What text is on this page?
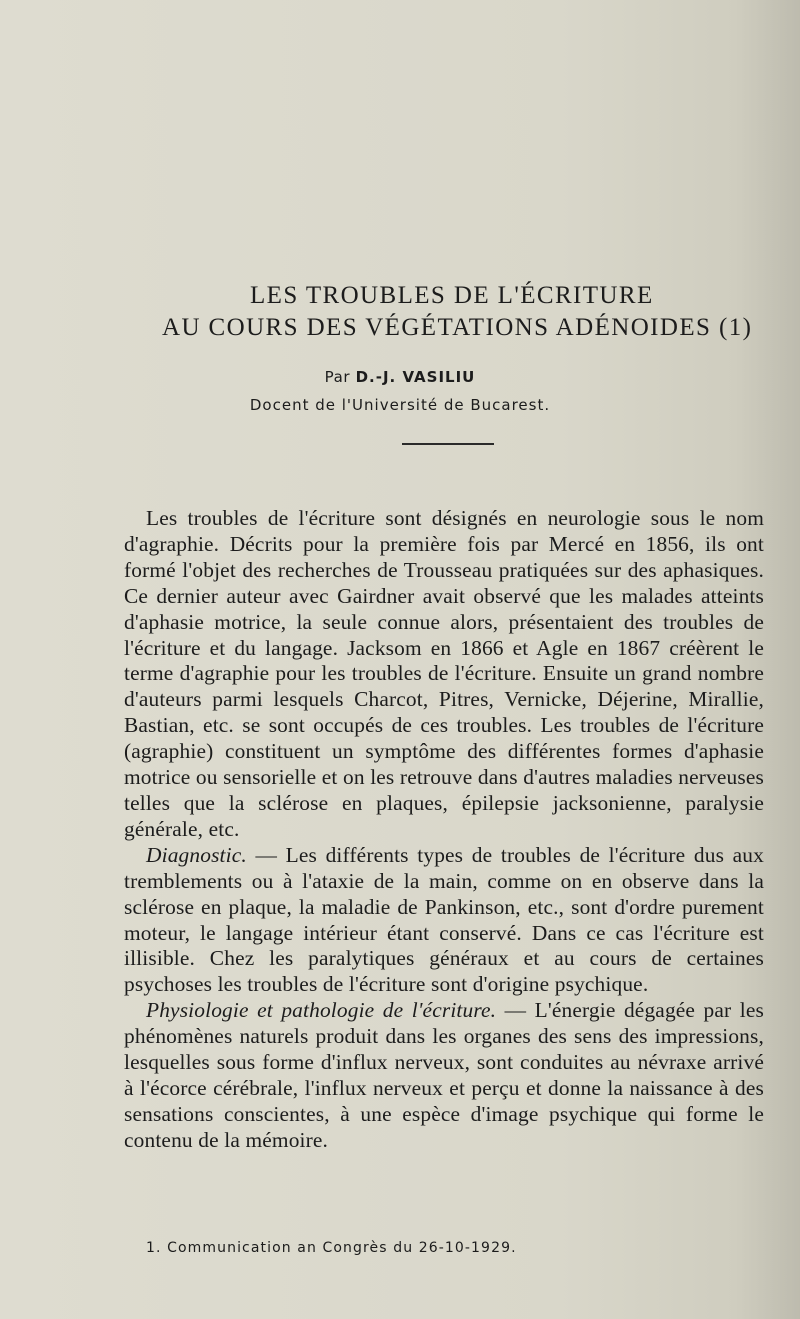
LES TROUBLES DE L'ÉCRITURE
AU COURS DES VÉGÉTATIONS ADÉNOIDES (1)
Par D.-J. VASILIU
Docent de l'Université de Bucarest.

Les troubles de l'écriture sont désignés en neurologie sous le nom d'agraphie. Décrits pour la première fois par Mercé en 1856, ils ont formé l'objet des recherches de Trousseau pratiquées sur des aphasiques. Ce dernier auteur avec Gairdner avait observé que les malades atteints d'aphasie motrice, la seule connue alors, présentaient des troubles de l'écriture et du langage. Jacksom en 1866 et Agle en 1867 créèrent le terme d'agraphie pour les troubles de l'écriture. Ensuite un grand nombre d'auteurs parmi lesquels Charcot, Pitres, Vernicke, Déjerine, Mirallie, Bastian, etc. se sont occupés de ces troubles. Les troubles de l'écriture (agraphie) constituent un symptôme des différentes formes d'aphasie motrice ou sensorielle et on les retrouve dans d'autres maladies nerveuses telles que la sclérose en plaques, épilepsie jacksonienne, paralysie générale, etc.

Diagnostic. — Les différents types de troubles de l'écriture dus aux tremblements ou à l'ataxie de la main, comme on en observe dans la sclérose en plaque, la maladie de Pankinson, etc., sont d'ordre purement moteur, le langage intérieur étant conservé. Dans ce cas l'écriture est illisible. Chez les paralytiques généraux et au cours de certaines psychoses les troubles de l'écriture sont d'origine psychique.

Physiologie et pathologie de l'écriture. — L'énergie dégagée par les phénomènes naturels produit dans les organes des sens des impressions, lesquelles sous forme d'influx nerveux, sont conduites au névraxe arrivé à l'écorce cérébrale, l'influx nerveux et perçu et donne la naissance à des sensations conscientes, à une espèce d'image psychique qui forme le contenu de la mémoire.

1. Communication an Congrès du 26-10-1929.
